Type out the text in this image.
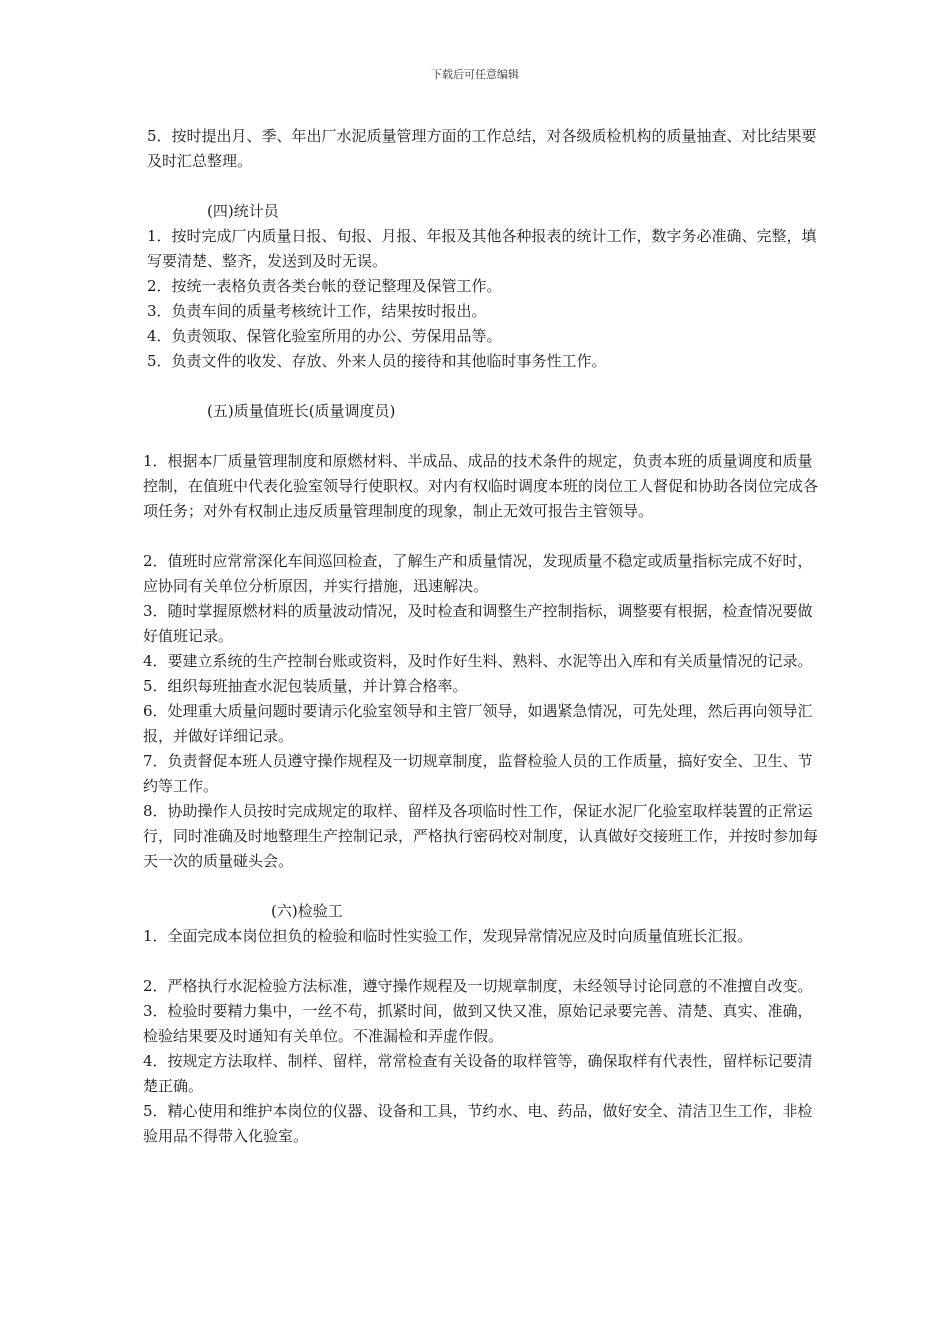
下载后可任意编辑

5．按时提出月、季、年出厂水泥质量管理方面的工作总结，对各级质检机构的质量抽查、对比结果要及时汇总整理。

(四)统计员

1．按时完成厂内质量日报、旬报、月报、年报及其他各种报表的统计工作，数字务必准确、完整，填写要清楚、整齐，发送到及时无误。

2．按统一表格负责各类台帐的登记整理及保管工作。

3．负责车间的质量考核统计工作，结果按时报出。

4．负责领取、保管化验室所用的办公、劳保用品等。

5．负责文件的收发、存放、外来人员的接待和其他临时事务性工作。

(五)质量值班长(质量调度员)

1．根据本厂质量管理制度和原燃材料、半成品、成品的技术条件的规定，负责本班的质量调度和质量控制，在值班中代表化验室领导行使职权。对内有权临时调度本班的岗位工人督促和协助各岗位完成各项任务；对外有权制止违反质量管理制度的现象，制止无效可报告主管领导。

2．值班时应常常深化车间巡回检查，了解生产和质量情况，发现质量不稳定或质量指标完成不好时，应协同有关单位分析原因，并实行措施，迅速解决。

3．随时掌握原燃材料的质量波动情况，及时检查和调整生产控制指标，调整要有根据，检查情况要做好值班记录。

4．要建立系统的生产控制台账或资料，及时作好生料、熟料、水泥等出入库和有关质量情况的记录。

5．组织每班抽查水泥包装质量，并计算合格率。

6．处理重大质量问题时要请示化验室领导和主管厂领导，如遇紧急情况，可先处理，然后再向领导汇报，并做好详细记录。

7．负责督促本班人员遵守操作规程及一切规章制度，监督检验人员的工作质量，搞好安全、卫生、节约等工作。

8．协助操作人员按时完成规定的取样、留样及各项临时性工作，保证水泥厂化验室取样装置的正常运行，同时准确及时地整理生产控制记录，严格执行密码校对制度，认真做好交接班工作，并按时参加每天一次的质量碰头会。

(六)检验工

1．全面完成本岗位担负的检验和临时性实验工作，发现异常情况应及时向质量值班长汇报。

2．严格执行水泥检验方法标准，遵守操作规程及一切规章制度，未经领导讨论同意的不准擅自改变。

3．检验时要精力集中，一丝不苟，抓紧时间，做到又快又准，原始记录要完善、清楚、真实、准确，检验结果要及时通知有关单位。不准漏检和弄虚作假。

4．按规定方法取样、制样、留样，常常检查有关设备的取样管等，确保取样有代表性，留样标记要清楚正确。

5．精心使用和维护本岗位的仪器、设备和工具，节约水、电、药品，做好安全、清洁卫生工作，非检验用品不得带入化验室。
